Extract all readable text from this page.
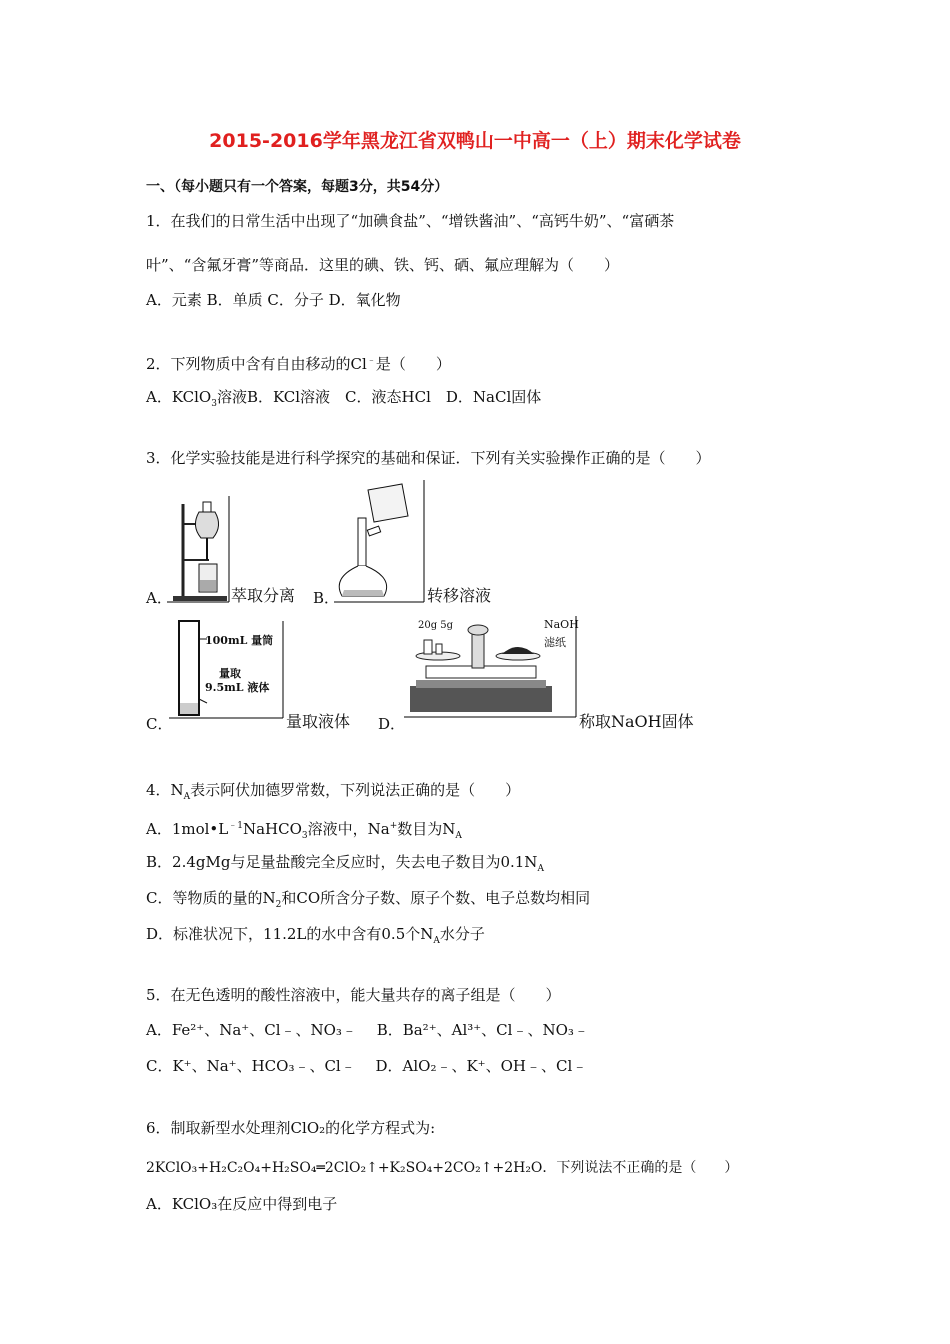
2015-2016学年黑龙江省双鸭山一中高一（上）期末化学试卷
一、（每小题只有一个答案，每题3分，共54分）
1．在我们的日常生活中出现了“加碘食盐”、“增铁酱油”、“高钙牛奶”、“富硒茶
叶”、“含氟牙膏”等商品．这里的碘、铁、钙、硒、氟应理解为（　　）
A．元素 B．单质 C．分子 D．氧化物
2．下列物质中含有自由移动的Cl﹣是（　　）
A．KClO$_3$溶液B．KCl溶液　C．液态HCl　D．NaCl固体
3．化学实验技能是进行科学探究的基础和保证．下列有关实验操作正确的是（　　）
A．	萃取分离 B．	转移溶液
100mL 量筒
量取
9.5mL 液体
C．	量取液体
20g 5g	NaOH
滤纸
D．	称取NaOH固体
4．$N_A$表示阿伏加德罗常数，下列说法正确的是（　　）
A．$1mol•L^{﹣1}NaHCO_3$溶液中，Na+数目为$N_A$
B．2.4gMg与足量盐酸完全反应时，失去电子数目为$0.1N_A$
C．等物质的量的$N_2$和CO所含分子数、原子个数、电子总数均相同
D．标准状况下，11.2L的水中含有0.5个$N_A$水分子
5．在无色透明的酸性溶液中，能大量共存的离子组是（　　）
A．Fe²⁺、Na⁺、Cl﹣、NO₃﹣　 B．Ba²⁺、Al³⁺、Cl﹣、NO₃﹣
C．K⁺、Na⁺、HCO₃﹣、Cl﹣　 D．AlO₂﹣、K⁺、OH﹣、Cl﹣
6．制取新型水处理剂ClO₂的化学方程式为:
2KClO₃+H₂C₂O₄+H₂SO₄═2ClO₂↑+K₂SO₄+2CO₂↑+2H₂O．下列说法不正确的是（　　）
A．KClO₃在反应中得到电子
